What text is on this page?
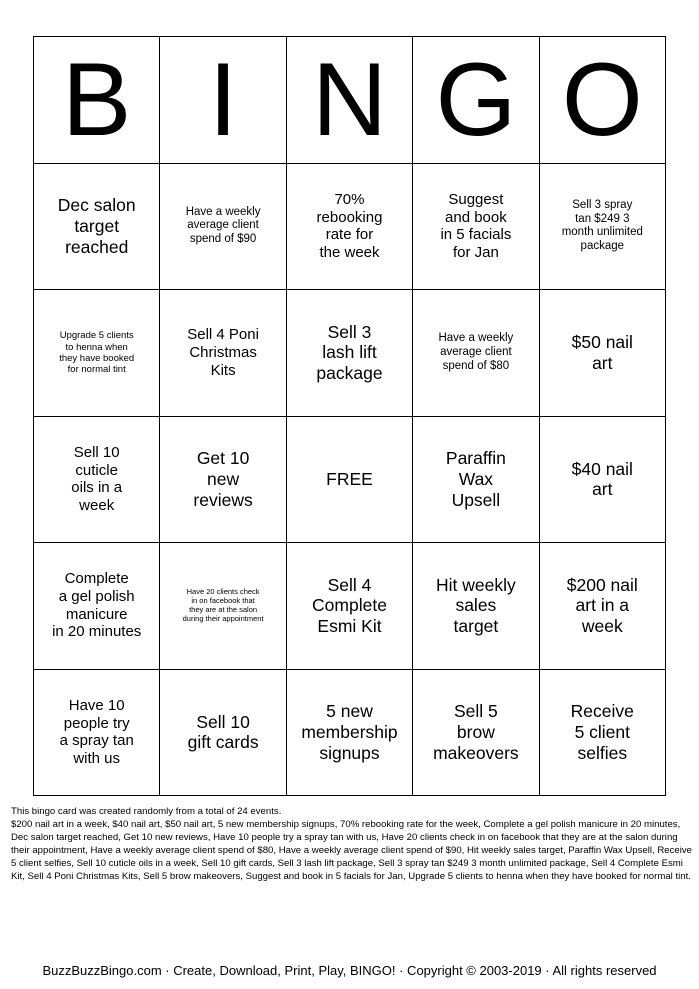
B I N G O
Dec salon
target
reached
Have a weekly
average client
spend of $90
70%
rebooking
rate for
the week
Suggest
and book
in 5 facials
for Jan
Sell 3 spray
tan $249 3
month unlimited
package
Upgrade 5 clients
to henna when
they have booked
for normal tint
Sell 4 Poni
Christmas
Kits
Sell 3
lash lift
package
Have a weekly
average client
spend of $80
$50 nail
art
Sell 10
cuticle
oils in a
week
Get 10
new
reviews
FREE
Paraffin
Wax
Upsell
$40 nail
art
Complete
a gel polish
manicure
in 20 minutes
Have 20 clients check
in on facebook that
they are at the salon
during their appointment
Sell 4
Complete
Esmi Kit
Hit weekly
sales
target
$200 nail
art in a
week
Have 10
people try
a spray tan
with us
Sell 10
gift cards
5 new
membership
signups
Sell 5
brow
makeovers
Receive
5 client
selfies

This bingo card was created randomly from a total of 24 events.

$200 nail art in a week, $40 nail art, $50 nail art, 5 new membership signups, 70% rebooking rate for the week, Complete a gel polish manicure in 20 minutes, Dec salon target reached, Get 10 new reviews, Have 10 people try a spray tan with us, Have 20 clients check in on facebook that they are at the salon during their appointment, Have a weekly average client spend of $80, Have a weekly average client spend of $90, Hit weekly sales target, Paraffin Wax Upsell, Receive 5 client selfies, Sell 10 cuticle oils in a week, Sell 10 gift cards, Sell 3 lash lift package, Sell 3 spray tan $249 3 month unlimited package, Sell 4 Complete Esmi Kit, Sell 4 Poni Christmas Kits, Sell 5 brow makeovers, Suggest and book in 5 facials for Jan, Upgrade 5 clients to henna when they have booked for normal tint.

BuzzBuzzBingo.com · Create, Download, Print, Play, BINGO! · Copyright © 2003-2019 · All rights reserved
